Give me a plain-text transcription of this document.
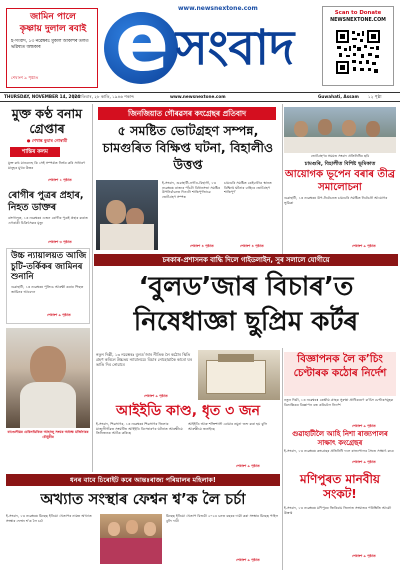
জামিন পালে
কৃষ্ণায় দুলাল ৰবাই
ই-সংবাদ, ১৩ নৱেম্বৰঃ মুকলি আকাশৰ তলত ভৱিষ্যত অন্ধকাৰ
শেষাংশ ৯ পৃষ্ঠাত
www.newsnextone.com
e সংবাদ
Scan to Donate
NEWSNEXTONE.COM
THURSDAY, NOVEMBER 14, 2024
বৃহস্পতিবাৰ, ২৮ কাতি, ১৯৪৬ শকাব্দ	www.newsnextone.com	Guwahati, Assam ১২ পৃষ্ঠা
মুক্ত কণ্ঠ বনাম গ্ৰেপ্তাৰ
● শেখাঙ্ক কুমাৰ গোস্বামী
শান্তিৰ কলম
মুক্ত কণ্ঠ মানবদেহ কি সেই সম্পৰ্কত নিৰ্ভৰ কৰি সাধাৰণ মানুহৰ মুখৰ উত্তৰ
শেষাংশ ২ পৃষ্ঠাত
ৰোগীৰ পুত্ৰৰ প্ৰহাৰ, নিহত ডাক্তৰ
বাংগালুৰু, ১৩ নৱেম্বৰঃ এজন ৰোগীৰ পুত্ৰই প্ৰহাৰ কৰাত এগৰাকী চিকিৎসকৰ মৃত্যু
শেষাংশ ৩ পৃষ্ঠাত
উচ্চ ন্যায়ালয়ত আজি চুটি-তৰ্কিকৰ জামিনৰ শুনানি
গুৱাহাটী, ১৩ নৱেম্বৰঃ পুলিচে আৰক্ষী কৰাৰ পিছত জামিনৰ আবেদন
শেষাংশ ৯ পৃষ্ঠাত
বাণ্ডেলীয়ৰ চেকিংডিকিত আহাজু সংঘৰ অধ্যক্ষ মৰ্জিনাৰৰ চৌধুৰীৰ
জিনজিয়াত গৌৰৱসৰ কংগ্ৰেছৰ প্ৰতিবাদ
৫ সমষ্টিত ভোটগ্ৰহণ সম্পন্ন, চামগুৰিত বিক্ষিপ্ত ঘটনা, বিহালীও উত্তপ্ত
ই-সংবাদ, গুৱাহাটী-নগাঁও-বিহালী, ১৩ নৱেম্বৰঃ ৰাজ্যৰ পাঁচটা বিধানসভা সমষ্টিৰ উপনিৰ্বাচনত দিনটো শান্তিপূৰ্ণভাৱে ভোটগ্ৰহণ সম্পন্ন
শেষাংশ ৪ পৃষ্ঠাত
চামগুৰি সমষ্টিত কেইবাটাও স্থানত বিক্ষিপ্ত ঘটনাৰ বাহিৰে ভোটগ্ৰহণ শান্তিপূৰ্ণ
শেষাংশ ৪ পৃষ্ঠাত
ভোটগ্ৰহণৰ সময়ত সংবাদ প্ৰতিনিধিৰ ছবি
চামগুৰি, বিহালীত বিশিষ্ট ভূমিকাত
আয়োগক ভূপেন বৰাৰ তীব্ৰ সমালোচনা
গুৱাহাটী, ১৩ নৱেম্বৰঃ উপ-নিৰ্বাচনত চামগুৰি সমষ্টিত নিৰ্বাচনী আয়োগৰ ভূমিকা
শেষাংশ ৯ পৃষ্ঠাত
চৰকাৰ-প্ৰশাসনক বাদ্ধি দিলে গাইডলাইন, সুৰ সলালে যোগীয়ে
‘বুলড’জাৰ বিচাৰ’ত নিষেধাজ্ঞা ছুপ্ৰিম কৰ্টৰ
নতুন দিল্লী, ১৩ নৱেম্বৰঃ বুলড’জাৰ নীতিক লৈ কঠোৰ স্থিতি গ্ৰহণ কৰিলে উচ্চতম ন্যায়ালয়ে। বিচাৰ নোহোৱাকৈ কাৰো ঘৰ ভাঙি দিব নোৱাৰে
শেষাংশ ৯ পৃষ্ঠাত
আইইডি কাণ্ড, ধৃত ৩ জন
ই-সংবাদ, শিৱসাগৰ, ১৩ নৱেম্বৰঃ শিৱসাগৰ জিলাৰ মাজুলীগাঁৱত সংঘটিত আইইডি বিস্ফোৰণৰ ঘটনাত আৰক্ষীয়ে তিনিজনক আটক কৰিছে
আইইডি আৰু শক্তিশালী বোমাৰ নমুনা জব্দ কৰা হয় বুলি আৰক্ষীয়ে জনাইছে
শেষাংশ ৯ পৃষ্ঠাত
বিজ্ঞাপনক লৈ ক’চিং চেণ্টাৰক কঠোৰ নিৰ্দেশ
নতুন দিল্লী, ১৩ নৱেম্বৰঃ কেন্দ্ৰীয় গ্ৰাহক সুৰক্ষা প্ৰাধিকৰণে ক’চিং চেণ্টাৰসমূহক বিভ্ৰান্তিকৰ বিজ্ঞাপন বন্ধ কৰিবলৈ নিৰ্দেশ
শেষাংশ ৯ পৃষ্ঠাত
গুৱাহাটীলৈ আহি নিশা ৰাজ্যপালৰ সাক্ষাৎ কংগ্ৰেছৰ
ই-সংবাদ, ১৩ নৱেম্বৰঃ কংগ্ৰেছৰ প্ৰতিনিধি দলে ৰাজ্যপালৰ সৈতে সাক্ষাৎ কৰে
শেষাংশ ৯ পৃষ্ঠাত
ধনৰ বাবে চিৰোইট কৰে আন্তঃৰাজ্য পৰিয়ালৰ মহিলাক!
অখ্যাত সংস্থাৰ ফেশ্বন শ্ব’ক লৈ চৰ্চা
ই-সংবাদ, ১৩ নৱেম্বৰঃ মিছেছ ইণ্ডিয়া খেতাপৰ নামত অখ্যাত সংস্থাৰ ফেশ্বন শ্ব’ক লৈ চৰ্চা
মিছেছ ইণ্ডিয়া খেতাপ বিজয়ী ২০২৪ চনত বছৰৰ দাৱী কৰা সংস্থাৰ মিছেছ পাইল বুলি দাবী
শেষাংশ ৯ পৃষ্ঠাত
মণিপুৰত মানবীয় সংকট!
ই-সংবাদ, ১৩ নৱেম্বৰঃ মণিপুৰৰ জিৰিবাম জিলাত সংঘাতৰ পৰিস্থিতি আকৌ উত্তপ্ত
শেষাংশ ৯ পৃষ্ঠাত
